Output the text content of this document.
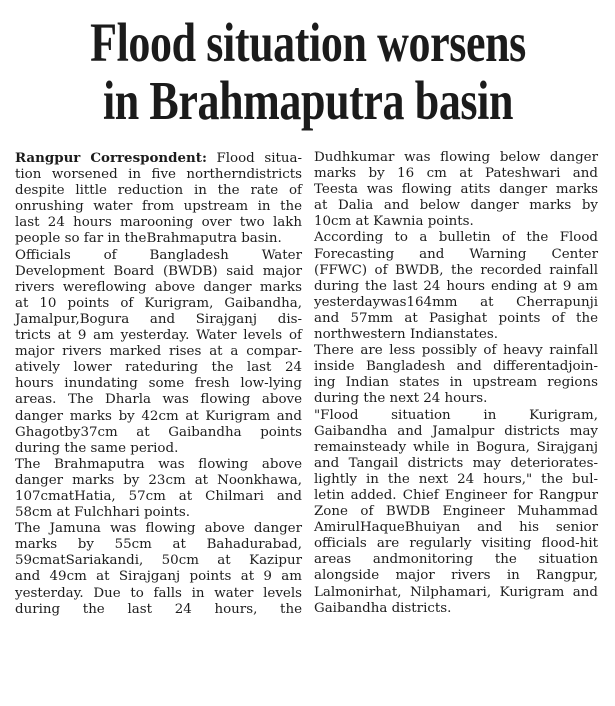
Flood situation worsens
in Brahmaputra basin
Rangpur Correspondent: Flood situa-
tion worsened in five northerndistricts
despite little reduction in the rate of
onrushing water from upstream in the
last 24 hours marooning over two lakh
people so far in theBrahmaputra basin.
Officials of Bangladesh Water
Development Board (BWDB) said major
rivers wereflowing above danger marks
at 10 points of Kurigram, Gaibandha,
Jamalpur,Bogura and Sirajganj dis-
tricts at 9 am yesterday. Water levels of
major rivers marked rises at a compar-
atively lower rateduring the last 24
hours inundating some fresh low-lying
areas. The Dharla was flowing above
danger marks by 42cm at Kurigram and
Ghagotby37cm at Gaibandha points
during the same period.
The Brahmaputra was flowing above
danger marks by 23cm at Noonkhawa,
107cmatHatia, 57cm at Chilmari and
58cm at Fulchhari points.
The Jamuna was flowing above danger
marks by 55cm at Bahadurabad,
59cmatSariakandi, 50cm at Kazipur
and 49cm at Sirajganj points at 9 am
yesterday. Due to falls in water levels
during the last 24 hours, the
Dudhkumar was flowing below danger
marks by 16 cm at Pateshwari and
Teesta was flowing atits danger marks
at Dalia and below danger marks by
10cm at Kawnia points.
According to a bulletin of the Flood
Forecasting and Warning Center
(FFWC) of BWDB, the recorded rainfall
during the last 24 hours ending at 9 am
yesterdaywas164mm at Cherrapunji
and 57mm at Pasighat points of the
northwestern Indianstates.
There are less possibly of heavy rainfall
inside Bangladesh and differentadjoin-
ing Indian states in upstream regions
during the next 24 hours.
"Flood situation in Kurigram,
Gaibandha and Jamalpur districts may
remainsteady while in Bogura, Sirajganj
and Tangail districts may deteriorates-
lightly in the next 24 hours," the bul-
letin added. Chief Engineer for Rangpur
Zone of BWDB Engineer Muhammad
AmirulHaqueBhuiyan and his senior
officials are regularly visiting flood-hit
areas andmonitoring the situation
alongside major rivers in Rangpur,
Lalmonirhat, Nilphamari, Kurigram and
Gaibandha districts.
